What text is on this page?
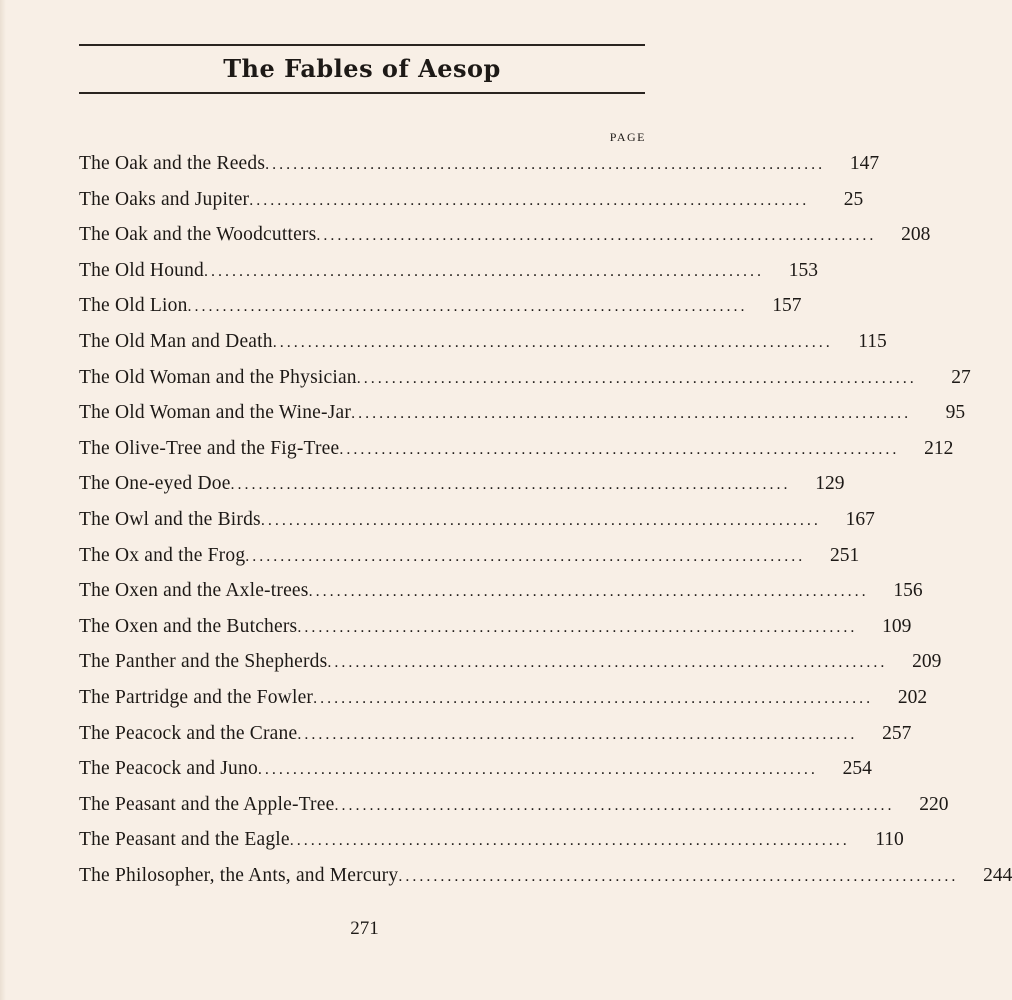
The Fables of Aesop
PAGE
The Oak and the Reeds ................................................................................ 147
The Oaks and Jupiter ................................................................................	25
The Oak and the Woodcutters ................................................................................ 208
The Old Hound ................................................................................ 153
The Old Lion ................................................................................ 157
The Old Man and Death ................................................................................ 115
The Old Woman and the Physician ................................................................................	27
The Old Woman and the Wine-Jar ................................................................................	95
The Olive-Tree and the Fig-Tree ................................................................................ 212
The One-eyed Doe ................................................................................ 129
The Owl and the Birds ................................................................................ 167
The Ox and the Frog ................................................................................ 251
The Oxen and the Axle-trees ................................................................................ 156
The Oxen and the Butchers ................................................................................ 109
The Panther and the Shepherds ................................................................................ 209
The Partridge and the Fowler ................................................................................ 202
The Peacock and the Crane ................................................................................ 257
The Peacock and Juno ................................................................................ 254
The Peasant and the Apple-Tree ................................................................................ 220
The Peasant and the Eagle ................................................................................ 110
The Philosopher, the Ants, and Mercury ................................................................................ 244
271
